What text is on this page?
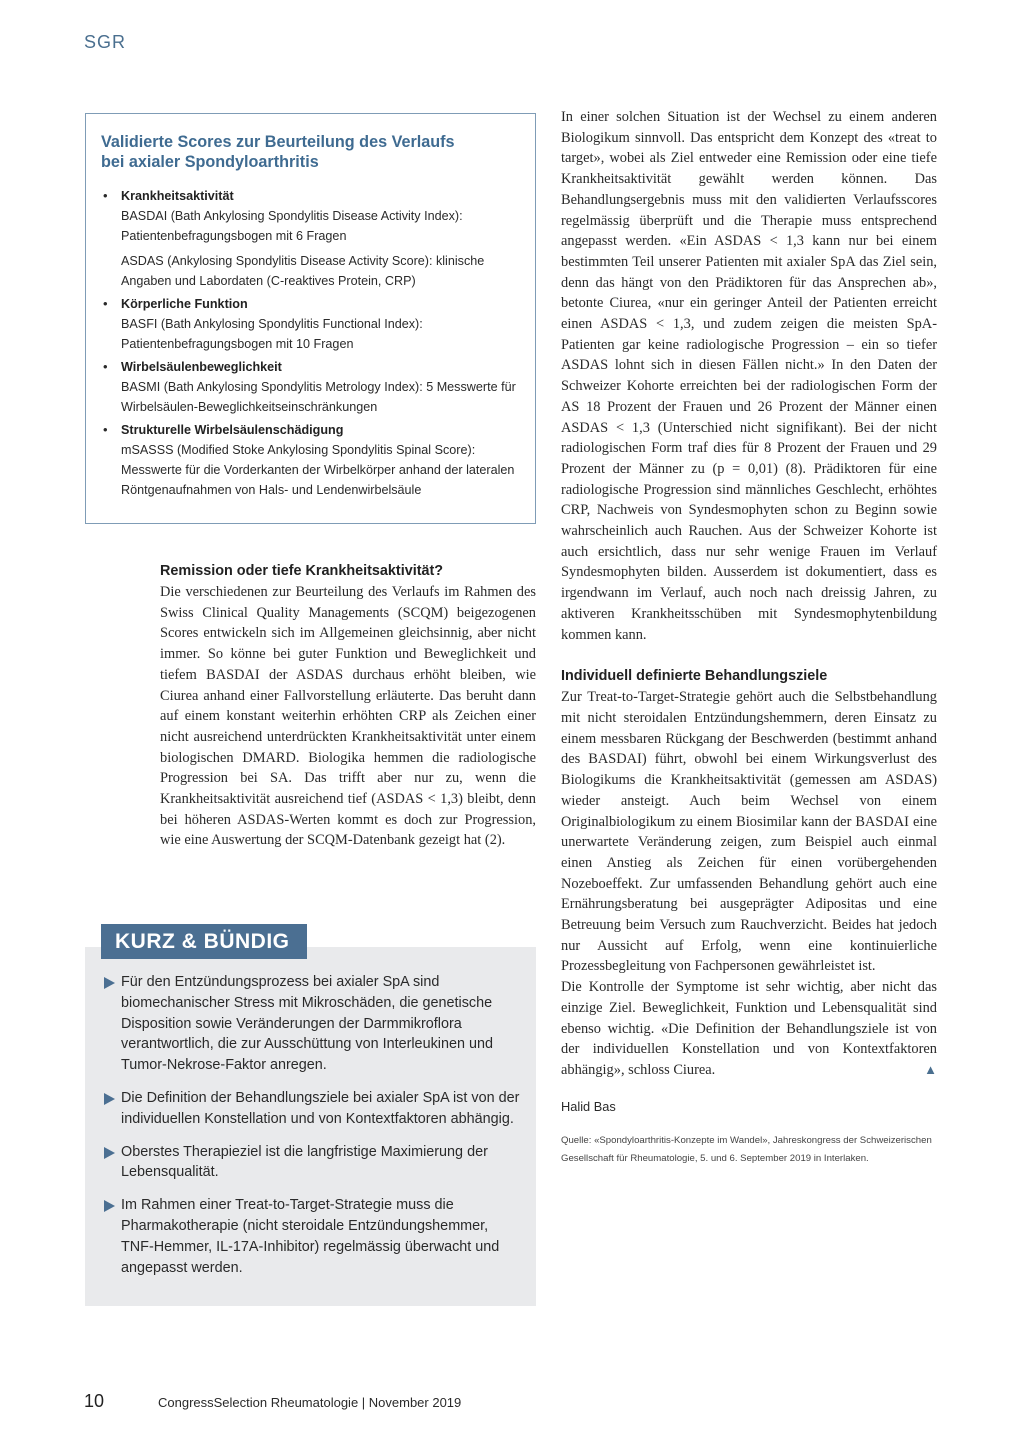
SGR
Validierte Scores zur Beurteilung des Verlaufs
bei axialer Spondyloarthritis
• Krankheitsaktivität
BASDAI (Bath Ankylosing Spondylitis Disease Activity Index): Patientenbefragungsbogen mit 6 Fragen
ASDAS (Ankylosing Spondylitis Disease Activity Score): klinische Angaben und Labordaten (C-reaktives Protein, CRP)
• Körperliche Funktion
BASFI (Bath Ankylosing Spondylitis Functional Index): Patientenbefragungsbogen mit 10 Fragen
• Wirbelsäulenbeweglichkeit
BASMI (Bath Ankylosing Spondylitis Metrology Index): 5 Messwerte für Wirbelsäulen-Beweglichkeitseinschränkungen
• Strukturelle Wirbelsäulenschädigung
mSASSS (Modified Stoke Ankylosing Spondylitis Spinal Score): Messwerte für die Vorderkanten der Wirbelkörper anhand der lateralen Röntgenaufnahmen von Hals- und Lendenwirbelsäule
Remission oder tiefe Krankheitsaktivität?

Die verschiedenen zur Beurteilung des Verlaufs im Rahmen des Swiss Clinical Quality Managements (SCQM) beigezogenen Scores entwickeln sich im Allgemeinen gleichsinnig, aber nicht immer. So könne bei guter Funktion und Beweglichkeit und tiefem BASDAI der ASDAS durchaus erhöht bleiben, wie Ciurea anhand einer Fallvorstellung erläuterte. Das beruht dann auf einem konstant weiterhin erhöhten CRP als Zeichen einer nicht ausreichend unterdrückten Krankheitsaktivität unter einem biologischen DMARD. Biologika hemmen die radiologische Progression bei SA. Das trifft aber nur zu, wenn die Krankheitsaktivität ausreichend tief (ASDAS < 1,3) bleibt, denn bei höheren ASDAS-Werten kommt es doch zur Progression, wie eine Auswertung der SCQM-Datenbank gezeigt hat (2).

In einer solchen Situation ist der Wechsel zu einem anderen Biologikum sinnvoll. Das entspricht dem Konzept des «treat to target», wobei als Ziel entweder eine Remission oder eine tiefe Krankheitsaktivität gewählt werden können. Das Behandlungsergebnis muss mit den validierten Verlaufsscores regelmässig überprüft und die Therapie muss entsprechend angepasst werden. «Ein ASDAS < 1,3 kann nur bei einem bestimmten Teil unserer Patienten mit axialer SpA das Ziel sein, denn das hängt von den Prädiktoren für das Ansprechen ab», betonte Ciurea, «nur ein geringer Anteil der Patienten erreicht einen ASDAS < 1,3, und zudem zeigen die meisten SpA-Patienten gar keine radiologische Progression – ein so tiefer ASDAS lohnt sich in diesen Fällen nicht.» In den Daten der Schweizer Kohorte erreichten bei der radiologischen Form der AS 18 Prozent der Frauen und 26 Prozent der Männer einen ASDAS < 1,3 (Unterschied nicht signifikant). Bei der nicht radiologischen Form traf dies für 8 Prozent der Frauen und 29 Prozent der Männer zu (p = 0,01) (8). Prädiktoren für eine radiologische Progression sind männliches Geschlecht, erhöhtes CRP, Nachweis von Syndesmophyten schon zu Beginn sowie wahrscheinlich auch Rauchen. Aus der Schweizer Kohorte ist auch ersichtlich, dass nur sehr wenige Frauen im Verlauf Syndesmophyten bilden. Ausserdem ist dokumentiert, dass es irgendwann im Verlauf, auch noch nach dreissig Jahren, zu aktiveren Krankheitsschüben mit Syndesmophytenbildung kommen kann.

Individuell definierte Behandlungsziele

Zur Treat-to-Target-Strategie gehört auch die Selbstbehandlung mit nicht steroidalen Entzündungshemmern, deren Einsatz zu einem messbaren Rückgang der Beschwerden (bestimmt anhand des BASDAI) führt, obwohl bei einem Wirkungsverlust des Biologikums die Krankheitsaktivität (gemessen am ASDAS) wieder ansteigt. Auch beim Wechsel von einem Originalbiologikum zu einem Biosimilar kann der BASDAI eine unerwartete Veränderung zeigen, zum Beispiel auch einmal einen Anstieg als Zeichen für einen vorübergehenden Nozeboeffekt. Zur umfassenden Behandlung gehört auch eine Ernährungsberatung bei ausgeprägter Adipositas und eine Betreuung beim Versuch zum Rauchverzicht. Beides hat jedoch nur Aussicht auf Erfolg, wenn eine kontinuierliche Prozessbegleitung von Fachpersonen gewährleistet ist.

Die Kontrolle der Symptome ist sehr wichtig, aber nicht das einzige Ziel. Beweglichkeit, Funktion und Lebensqualität sind ebenso wichtig. «Die Definition der Behandlungsziele ist von der individuellen Konstellation und von Kontextfaktoren abhängig», schloss Ciurea.	▲

Halid Bas
Quelle: «Spondyloarthritis-Konzepte im Wandel», Jahreskongress der Schweizerischen Gesellschaft für Rheumatologie, 5. und 6. September 2019 in Interlaken.
KURZ & BÜNDIG
Für den Entzündungsprozess bei axialer SpA sind biomechanischer Stress mit Mikroschäden, die genetische Disposition sowie Veränderungen der Darmmikroflora verantwortlich, die zur Ausschüttung von Interleukinen und Tumor-Nekrose-Faktor anregen.
Die Definition der Behandlungsziele bei axialer SpA ist von der individuellen Konstellation und von Kontextfaktoren abhängig.
Oberstes Therapieziel ist die langfristige Maximierung der Lebensqualität.
Im Rahmen einer Treat-to-Target-Strategie muss die Pharmakotherapie (nicht steroidale Entzündungshemmer, TNF-Hemmer, IL-17A-Inhibitor) regelmässig überwacht und angepasst werden.
10	CongressSelection Rheumatologie | November 2019
